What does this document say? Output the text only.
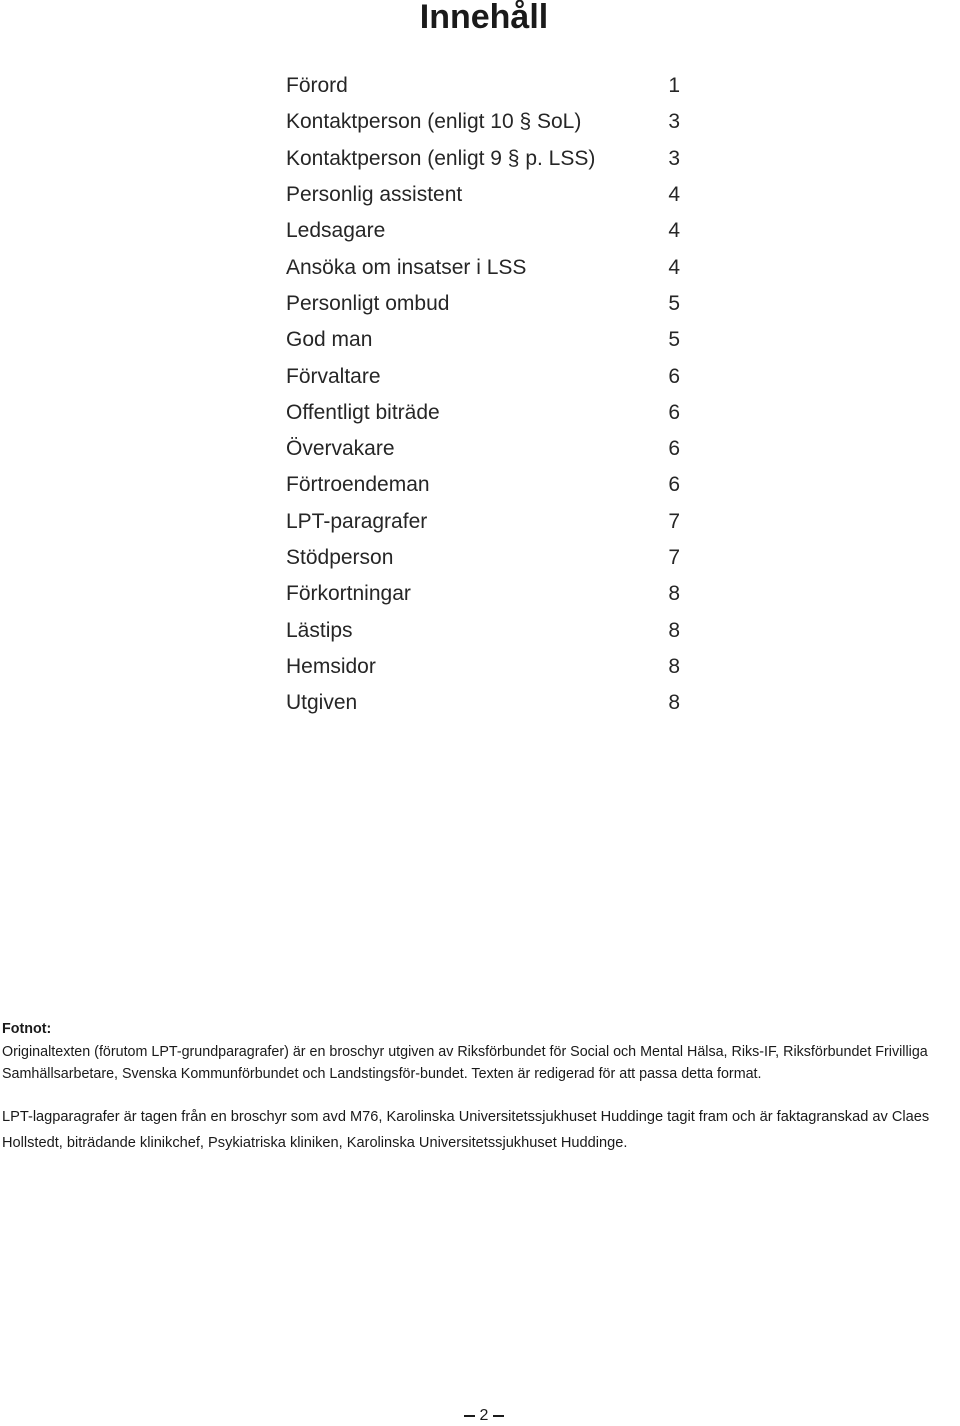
Innehåll
Förord	1
Kontaktperson (enligt 10 § SoL)	3
Kontaktperson (enligt 9 § p. LSS)	3
Personlig assistent	4
Ledsagare	4
Ansöka om insatser i LSS	4
Personligt ombud	5
God man	5
Förvaltare	6
Offentligt biträde	6
Övervakare	6
Förtroendeman	6
LPT-paragrafer	7
Stödperson	7
Förkortningar	8
Lästips	8
Hemsidor	8
Utgiven	8

Fotnot:

Originaltexten (förutom LPT-grundparagrafer) är en broschyr utgiven av Riksförbundet för Social och Mental Hälsa, Riks-IF, Riksförbundet Frivilliga Samhällsarbetare, Svenska Kommunförbundet och Landstingsför-bundet. Texten är redigerad för att passa detta format.

LPT-lagparagrafer är tagen från en broschyr som avd M76, Karolinska Universitetssjukhuset Huddinge tagit fram och är faktagranskad av Claes Hollstedt, biträdande klinikchef, Psykiatriska kliniken, Karolinska Universitetssjukhuset Huddinge.

2
